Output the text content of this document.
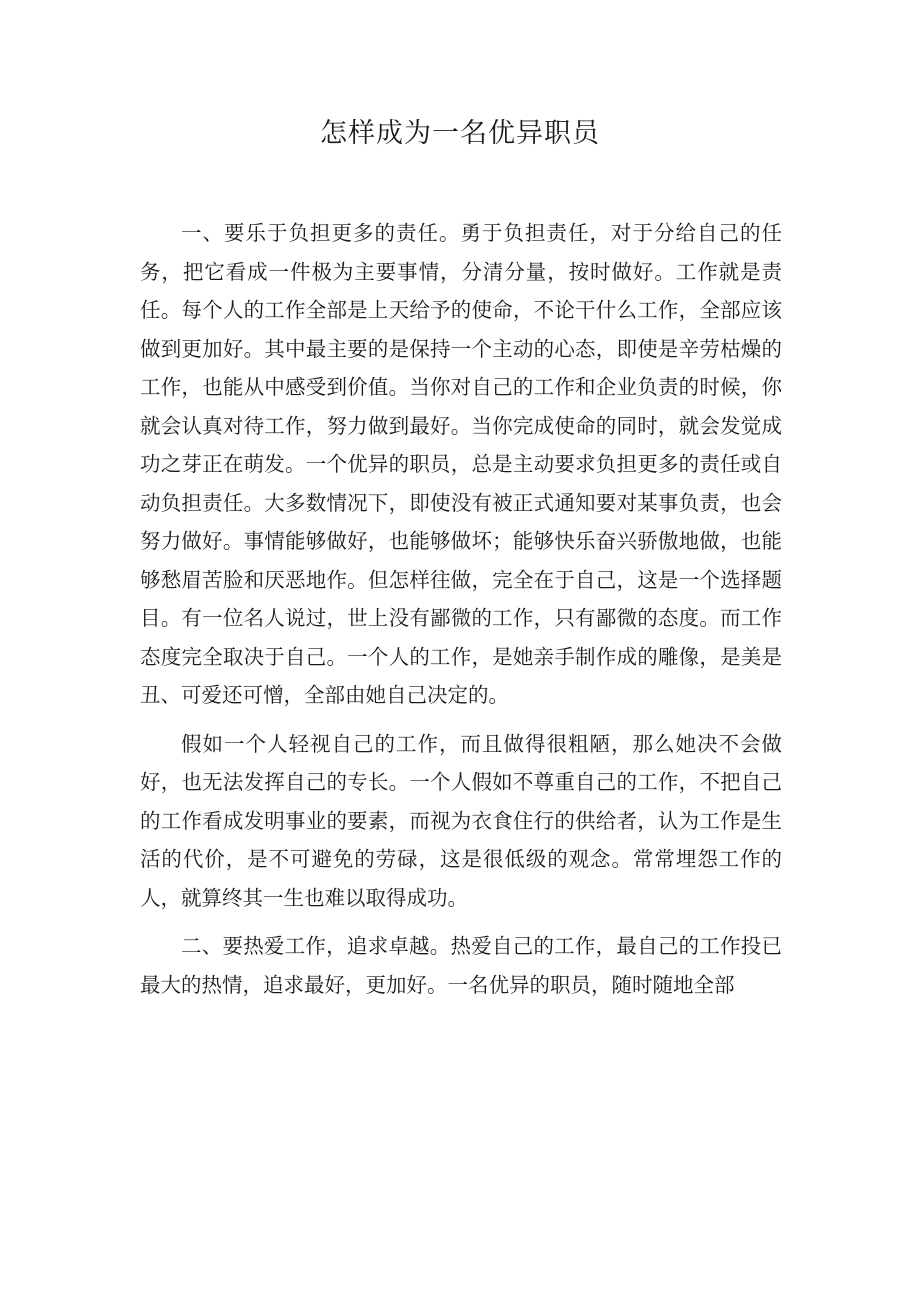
怎样成为一名优异职员

一、要乐于负担更多的责任。勇于负担责任，对于分给自己的任务，把它看成一件极为主要事情，分清分量，按时做好。工作就是责任。每个人的工作全部是上天给予的使命，不论干什么工作，全部应该做到更加好。其中最主要的是保持一个主动的心态，即使是辛劳枯燥的工作，也能从中感受到价值。当你对自己的工作和企业负责的时候，你就会认真对待工作，努力做到最好。当你完成使命的同时，就会发觉成功之芽正在萌发。一个优异的职员，总是主动要求负担更多的责任或自动负担责任。大多数情况下，即使没有被正式通知要对某事负责，也会努力做好。事情能够做好，也能够做坏；能够快乐奋兴骄傲地做，也能够愁眉苦脸和厌恶地作。但怎样往做，完全在于自己，这是一个选择题目。有一位名人说过，世上没有鄙微的工作，只有鄙微的态度。而工作态度完全取决于自己。一个人的工作，是她亲手制作成的雕像，是美是丑、可爱还可憎，全部由她自己决定的。

假如一个人轻视自己的工作，而且做得很粗陋，那么她决不会做好，也无法发挥自己的专长。一个人假如不尊重自己的工作，不把自己的工作看成发明事业的要素，而视为衣食住行的供给者，认为工作是生活的代价，是不可避免的劳碌，这是很低级的观念。常常埋怨工作的人，就算终其一生也难以取得成功。

二、要热爱工作，追求卓越。热爱自己的工作，最自己的工作投已最大的热情，追求最好，更加好。一名优异的职员，随时随地全部
